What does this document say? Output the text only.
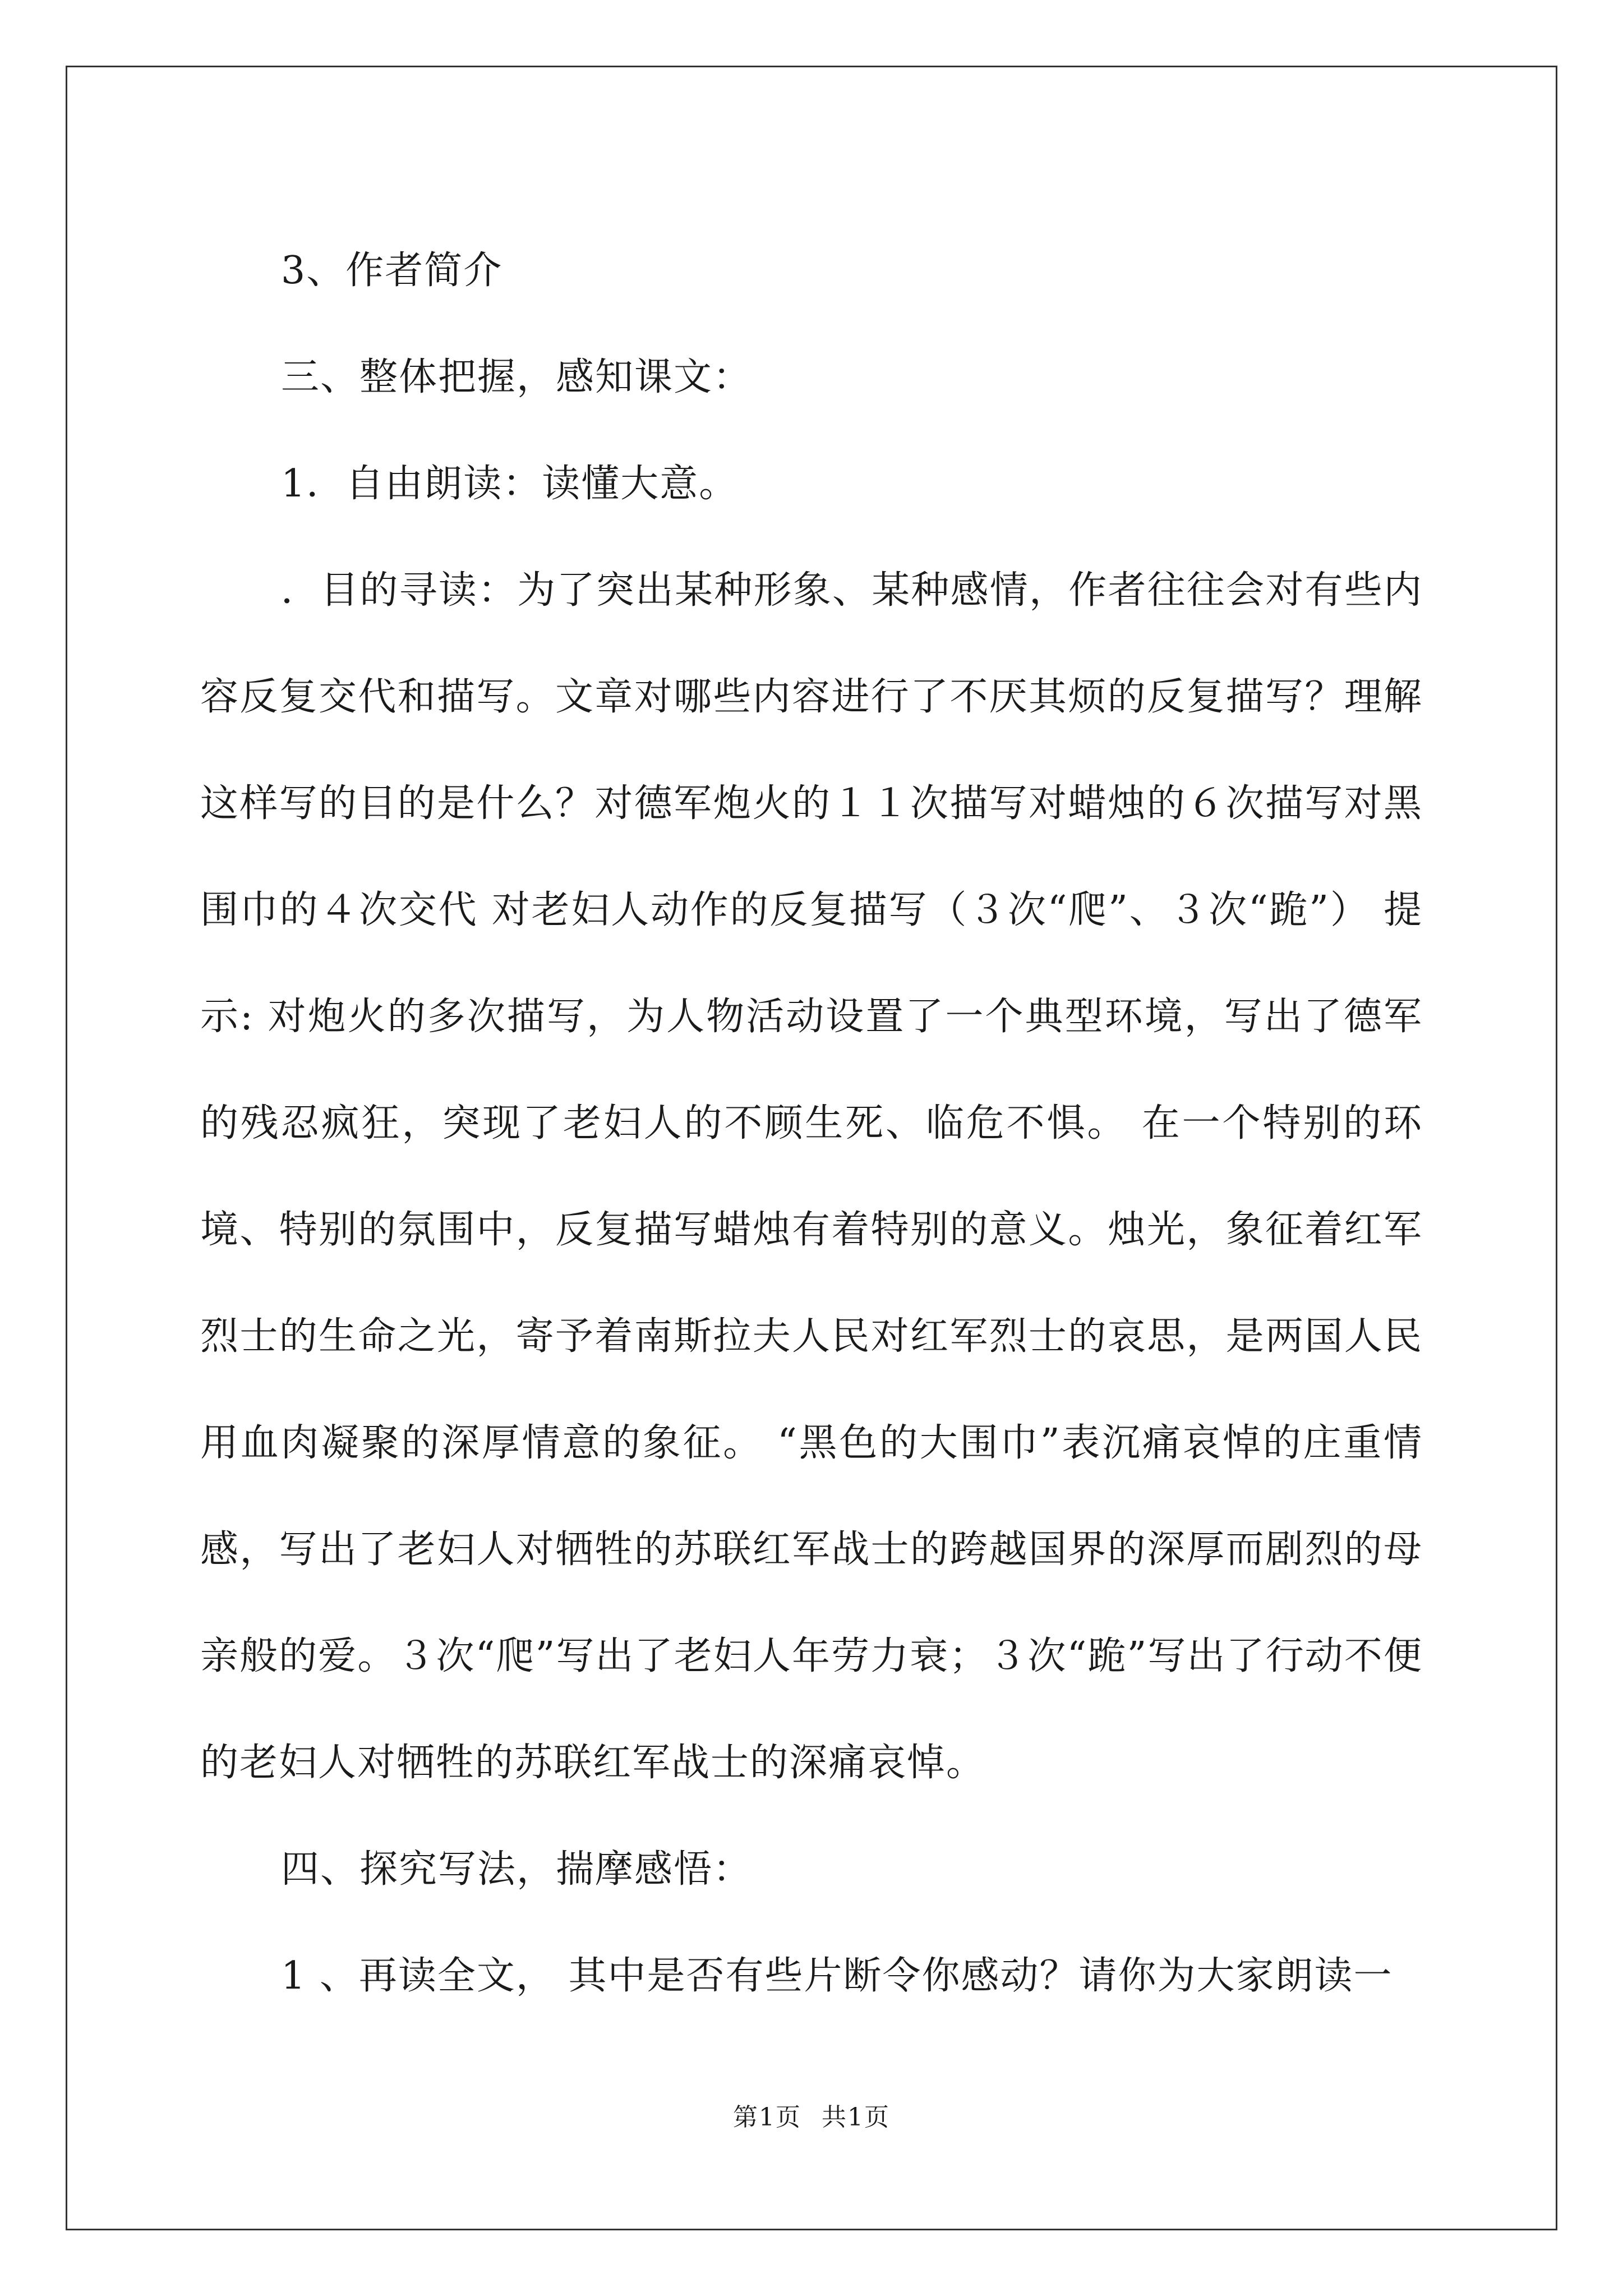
3、作者简介

三、整体把握，感知课文：

1．自由朗读：读懂大意。

．目的寻读：为了突出某种形象、某种感情，作者往往会对有些内容反复交代和描写。文章对哪些内容进行了不厌其烦的反复描写？理解这样写的目的是什么？对德军炮火的１１次描写对蜡烛的６次描写对黑围巾的４次交代 对老妇人动作的反复描写（３次“爬”、３次“跪”） 提示: 对炮火的多次描写，为人物活动设置了一个典型环境，写出了德军的残忍疯狂，突现了老妇人的不顾生死、临危不惧。 在一个特别的环境、特别的氛围中，反复描写蜡烛有着特别的意义。烛光，象征着红军烈士的生命之光，寄予着南斯拉夫人民对红军烈士的哀思，是两国人民用血肉凝聚的深厚情意的象征。 “黑色的大围巾”表沉痛哀悼的庄重情感，写出了老妇人对牺牲的苏联红军战士的跨越国界的深厚而剧烈的母亲般的爱。３次“爬”写出了老妇人年劳力衰；３次“跪”写出了行动不便的老妇人对牺牲的苏联红军战士的深痛哀悼。

四、探究写法，揣摩感悟：

1 、再读全文， 其中是否有些片断令你感动？请你为大家朗读一

第1页 共1页
